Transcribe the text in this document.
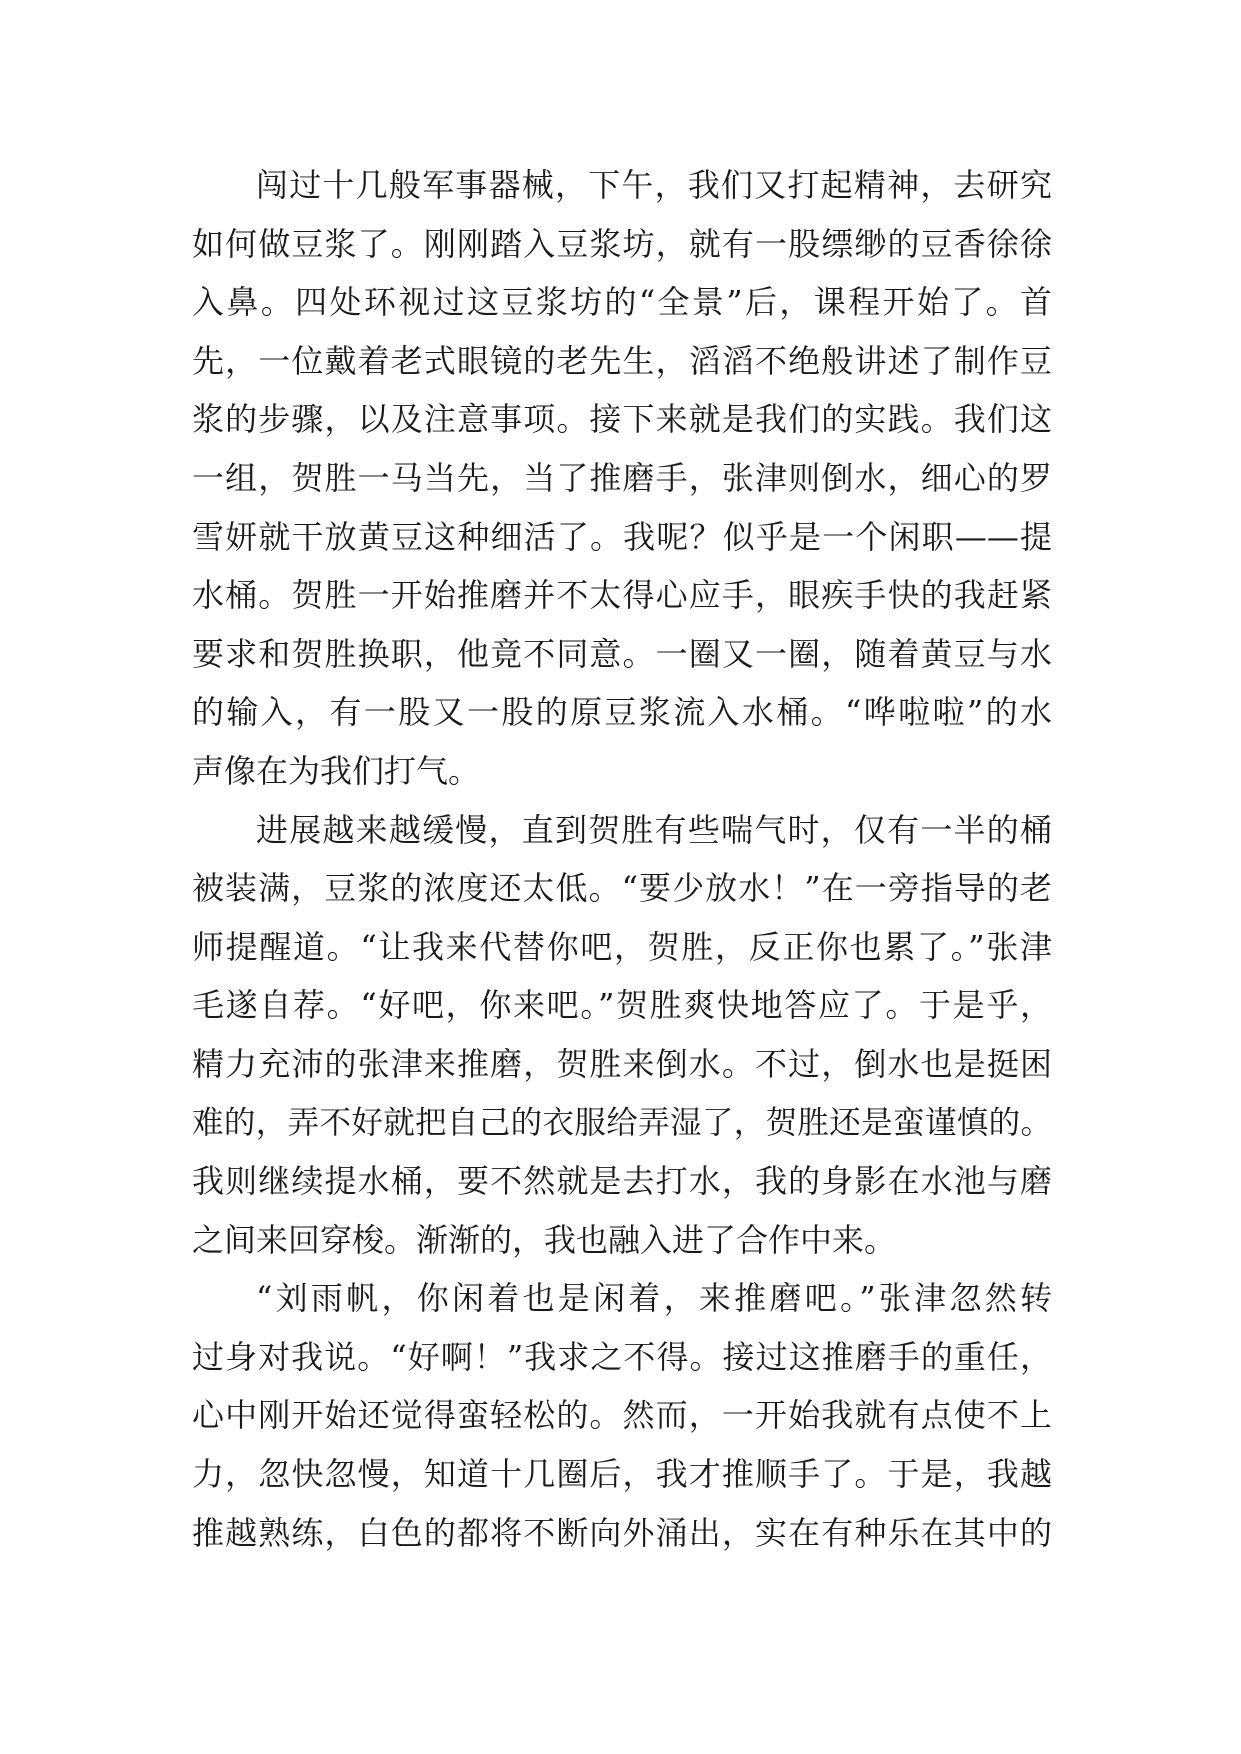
闯过十几般军事器械，下午，我们又打起精神，去研究
如何做豆浆了。刚刚踏入豆浆坊，就有一股缥缈的豆香徐徐
入鼻。四处环视过这豆浆坊的“全景”后，课程开始了。首
先，一位戴着老式眼镜的老先生，滔滔不绝般讲述了制作豆
浆的步骤，以及注意事项。接下来就是我们的实践。我们这
一组，贺胜一马当先，当了推磨手，张津则倒水，细心的罗
雪妍就干放黄豆这种细活了。我呢？似乎是一个闲职——提
水桶。贺胜一开始推磨并不太得心应手，眼疾手快的我赶紧
要求和贺胜换职，他竟不同意。一圈又一圈，随着黄豆与水
的输入，有一股又一股的原豆浆流入水桶。“哗啦啦”的水
声像在为我们打气。
进展越来越缓慢，直到贺胜有些喘气时，仅有一半的桶
被装满，豆浆的浓度还太低。“要少放水！”在一旁指导的老
师提醒道。“让我来代替你吧，贺胜，反正你也累了。”张津
毛遂自荐。“好吧，你来吧。”贺胜爽快地答应了。于是乎，
精力充沛的张津来推磨，贺胜来倒水。不过，倒水也是挺困
难的，弄不好就把自己的衣服给弄湿了，贺胜还是蛮谨慎的。
我则继续提水桶，要不然就是去打水，我的身影在水池与磨
之间来回穿梭。渐渐的，我也融入进了合作中来。
“刘雨帆，你闲着也是闲着，来推磨吧。”张津忽然转
过身对我说。“好啊！”我求之不得。接过这推磨手的重任，
心中刚开始还觉得蛮轻松的。然而，一开始我就有点使不上
力，忽快忽慢，知道十几圈后，我才推顺手了。于是，我越
推越熟练，白色的都将不断向外涌出，实在有种乐在其中的
